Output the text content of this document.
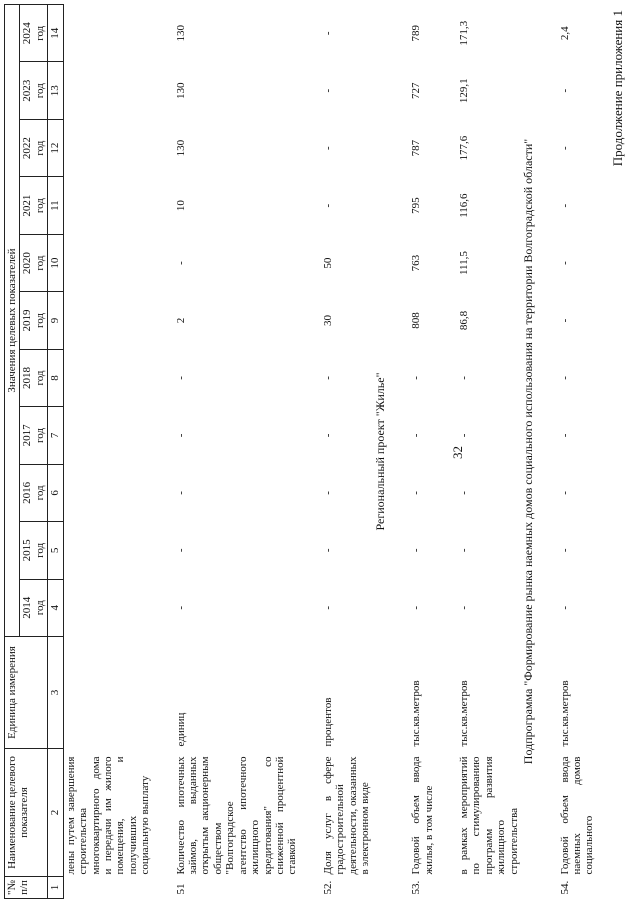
32
Продолжение приложения 1
"№ п/п	Наименование целевого показателя	Единица измерения	Значения целевых показателей										

			2014 год	2015 год	2016 год	2017 год	2018 год	2019 год	2020 год	2021 год	2022 год	2023 год	2024 год

1	2	3	4	5	6	7	8	9	10	11	12	13	14
	лены путем завершения строительства многоквартирного дома и передачи им жилого помещения, и получивших социальную выплату												
51	Количество ипотечных займов, выданных открытым акционерным обществом "Волгоградское агентство ипотечного жилищного кредитования" со сниженной процентной ставкой	единиц	-	-	-	-	-	2	-	10	130	130	130
52.	Доля услуг в сфере градостроительной деятельности, оказанных в электронном виде	процентов	-	-	-	-	-	30	50	-	-	-	-
Региональный проект "Жилье"													
53.	Годовой объем ввода жилья, в том числе	тыс.кв.метров	-	-	-	-	-	808	763	795	787	727	789
	в рамках мероприятий по стимулированию программ развития жилищного строительства	тыс.кв.метров	-	-	-	-	-	86,8	111,5	116,6	177,6	129,1	171,3
Подпрограмма "Формирование рынка наемных домов социального использования на территории Волгоградской области"													
54.	Годовой объем ввода наемных домов социального	тыс.кв.метров	-	-	-	-	-	-	-	-	-	-	2,4
